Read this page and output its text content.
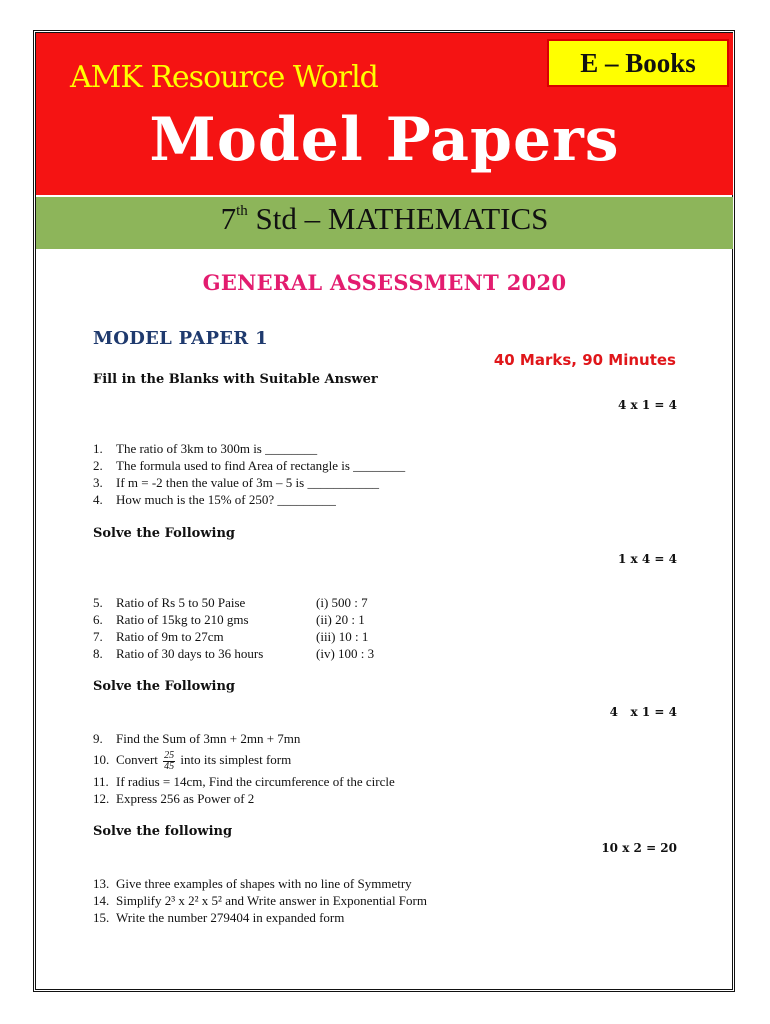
E – Books
AMK Resource World
Model Papers
7th Std – MATHEMATICS
GENERAL ASSESSMENT 2020
MODEL PAPER 1
40 Marks, 90 Minutes
Fill in the Blanks with Suitable Answer
4 x 1 = 4
1. The ratio of 3km to 300m is ________
2. The formula used to find Area of rectangle is ________
3. If m = -2 then the value of 3m – 5 is ___________
4. How much is the 15% of 250? _________
Solve the Following
1 x 4 = 4
5. Ratio of Rs 5 to 50 Paise	(i) 500 : 7
6. Ratio of 15kg to 210 gms	(ii) 20 : 1
7. Ratio of 9m to 27cm	(iii) 10 : 1
8. Ratio of 30 days to 36 hours	(iv) 100 : 3
Solve the Following
4   x 1 = 4
9. Find the Sum of 3mn + 2mn + 7mn
10. Convert $\frac{25}{45}$ into its simplest form
11. If radius = 14cm, Find the circumference of the circle
12. Express 256 as Power of 2
Solve the following
10 x 2 = 20
13. Give three examples of shapes with no line of Symmetry
14. Simplify 2³ x 2² x 5² and Write answer in Exponential Form
15. Write the number 279404 in expanded form
